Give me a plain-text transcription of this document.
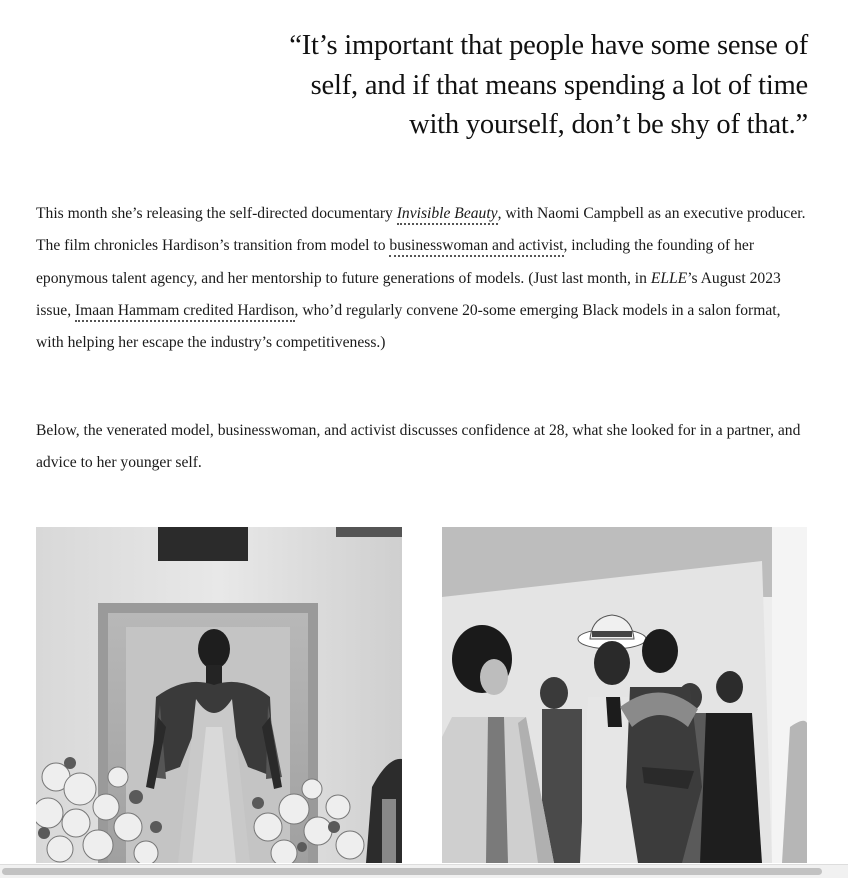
“It’s important that people have some sense of
self, and if that means spending a lot of time
with yourself, don’t be shy of that.”

This month she’s releasing the self-directed documentary Invisible Beauty, with Naomi Campbell as an executive producer. The film chronicles Hardison’s transition from model to businesswoman and activist, including the founding of her eponymous talent agency, and her mentorship to future generations of models. (Just last month, in ELLE’s August 2023 issue, Imaan Hammam credited Hardison, who’d regularly convene 20-some emerging Black models in a salon format, with helping her escape the industry’s competitiveness.)

Below, the venerated model, businesswoman, and activist discusses confidence at 28, what she looked for in a partner, and advice to her younger self.
